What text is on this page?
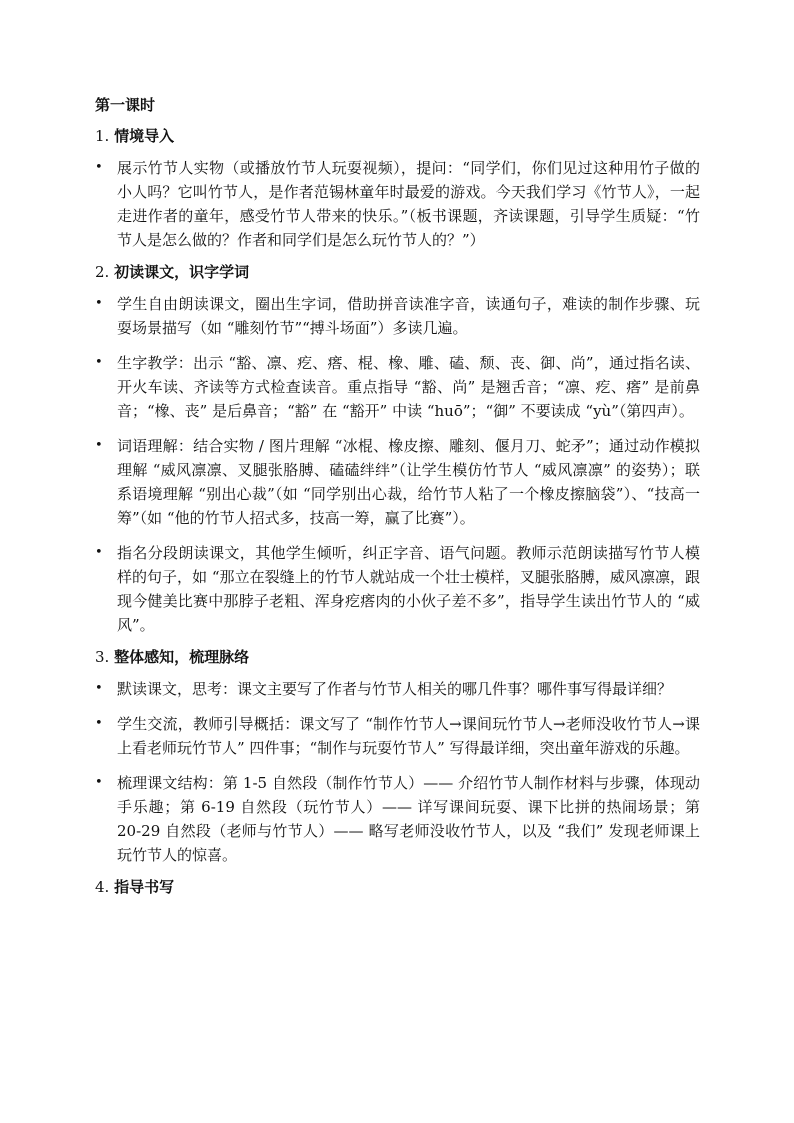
第一课时
1. 情境导入
• 展示竹节人实物（或播放竹节人玩耍视频），提问：“同学们，你们见过这种用竹子做的小人吗？它叫竹节人，是作者范锡林童年时最爱的游戏。今天我们学习《竹节人》，一起走进作者的童年，感受竹节人带来的快乐。”（板书课题，齐读课题，引导学生质疑：“竹节人是怎么做的？作者和同学们是怎么玩竹节人的？”）
2. 初读课文，识字学词
• 学生自由朗读课文，圈出生字词，借助拼音读准字音，读通句子，难读的制作步骤、玩耍场景描写（如 “雕刻竹节”“搏斗场面”）多读几遍。
• 生字教学：出示 “豁、凛、疙、瘩、棍、橡、雕、磕、颓、丧、御、尚”，通过指名读、开火车读、齐读等方式检查读音。重点指导 “豁、尚” 是翘舌音；“凛、疙、瘩” 是前鼻音；“橡、丧” 是后鼻音；“豁” 在 “豁开” 中读 “huō”；“御” 不要读成 “yù”（第四声）。
• 词语理解：结合实物 / 图片理解 “冰棍、橡皮擦、雕刻、偃月刀、蛇矛”；通过动作模拟理解 “威风凛凛、叉腿张胳膊、磕磕绊绊”（让学生模仿竹节人 “威风凛凛” 的姿势）；联系语境理解 “别出心裁”（如 “同学别出心裁，给竹节人粘了一个橡皮擦脑袋”）、“技高一筹”（如 “他的竹节人招式多，技高一筹，赢了比赛”）。
• 指名分段朗读课文，其他学生倾听，纠正字音、语气问题。教师示范朗读描写竹节人模样的句子，如 “那立在裂缝上的竹节人就站成一个壮士模样，叉腿张胳膊，威风凛凛，跟现今健美比赛中那脖子老粗、浑身疙瘩肉的小伙子差不多”，指导学生读出竹节人的 “威风”。
3. 整体感知，梳理脉络
• 默读课文，思考：课文主要写了作者与竹节人相关的哪几件事？哪件事写得最详细？
• 学生交流，教师引导概括：课文写了 “制作竹节人→课间玩竹节人→老师没收竹节人→课上看老师玩竹节人” 四件事；“制作与玩耍竹节人” 写得最详细，突出童年游戏的乐趣。
• 梳理课文结构：第 1-5 自然段（制作竹节人）—— 介绍竹节人制作材料与步骤，体现动手乐趣；第 6-19 自然段（玩竹节人）—— 详写课间玩耍、课下比拼的热闹场景；第 20-29 自然段（老师与竹节人）—— 略写老师没收竹节人，以及 “我们” 发现老师课上玩竹节人的惊喜。
4. 指导书写
